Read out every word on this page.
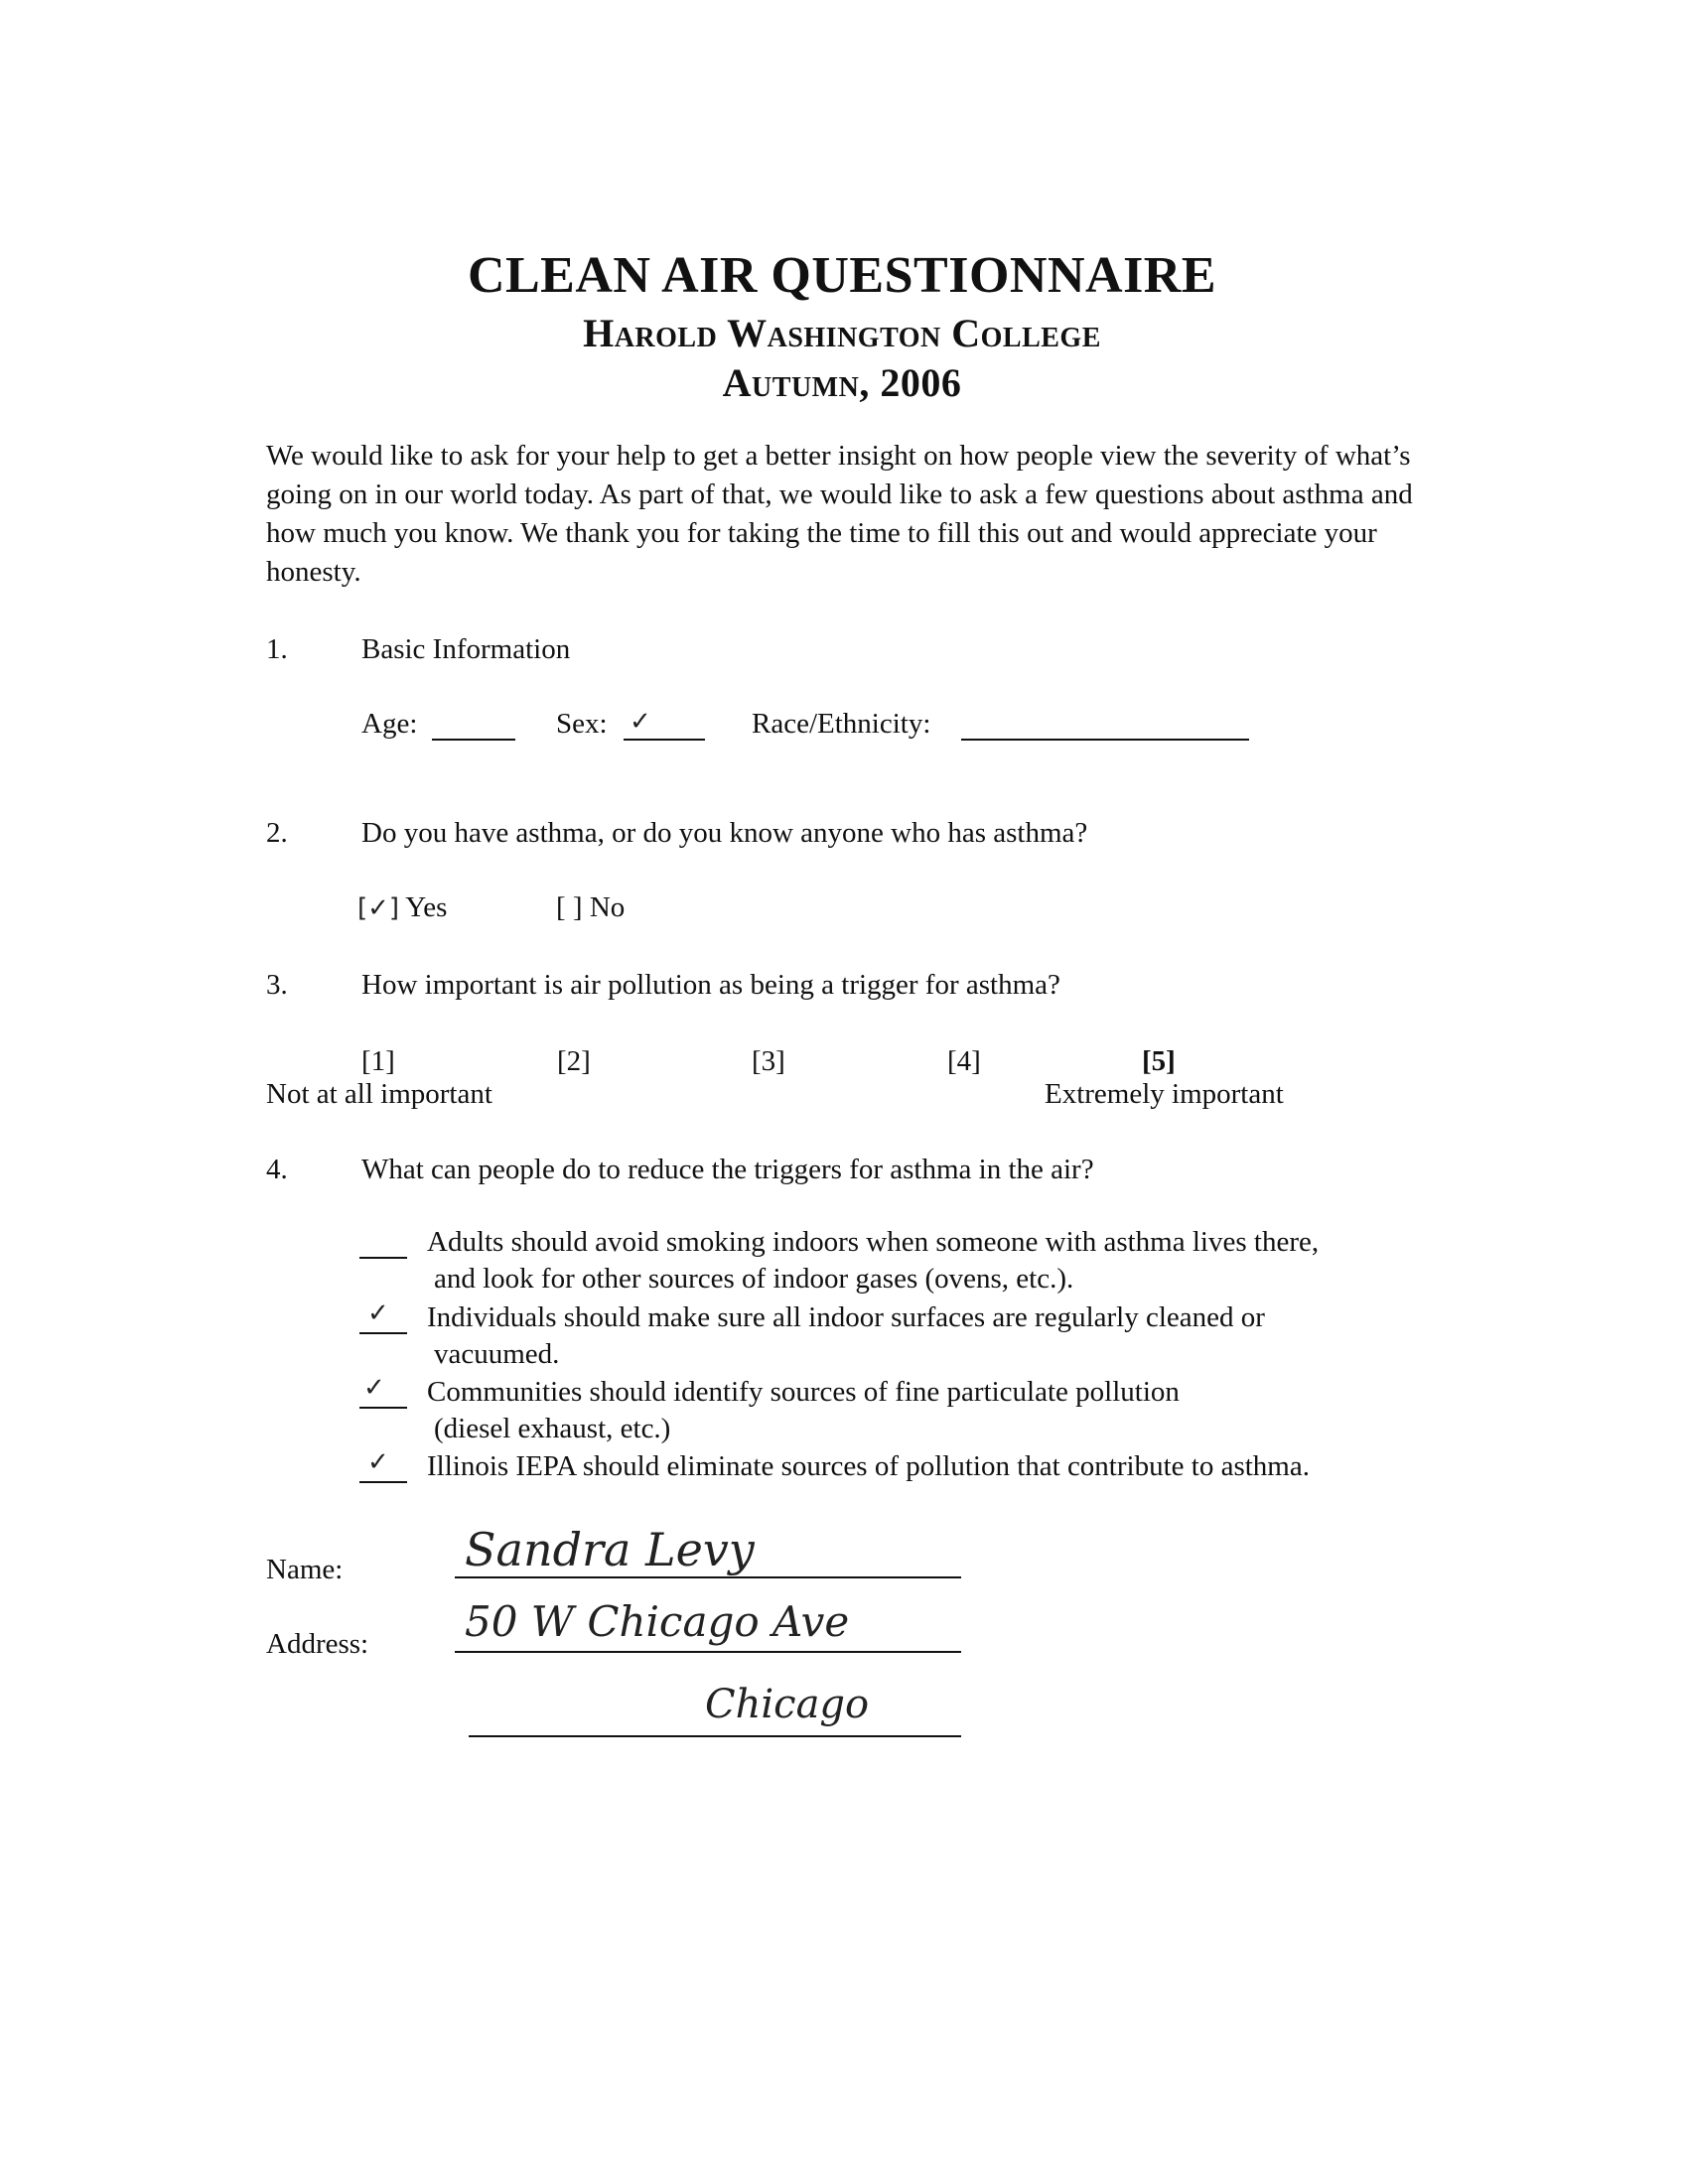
CLEAN AIR QUESTIONNAIRE
Harold Washington College
Autumn, 2006
We would like to ask for your help to get a better insight on how people view the severity of what’s going on in our world today. As part of that, we would like to ask a few questions about asthma and how much you know. We thank you for taking the time to fill this out and would appreciate your honesty.
1.	Basic Information
Age:	Sex: ✓	Race/Ethnicity:
2.	Do you have asthma, or do you know anyone who has asthma?
[✓] Yes	[ ] No
3.	How important is air pollution as being a trigger for asthma?
[1]	[2]	[3]	[4]	[5]
Not at all important	Extremely important
4.	What can people do to reduce the triggers for asthma in the air?
Adults should avoid smoking indoors when someone with asthma lives there,
and look for other sources of indoor gases (ovens, etc.).
✓ Individuals should make sure all indoor surfaces are regularly cleaned or
vacuumed.
✓ Communities should identify sources of fine particulate pollution
(diesel exhaust, etc.)
✓ Illinois IEPA should eliminate sources of pollution that contribute to asthma.
Name:	Sandra Levy
Address: 50 W Chicago Ave
Chicago
